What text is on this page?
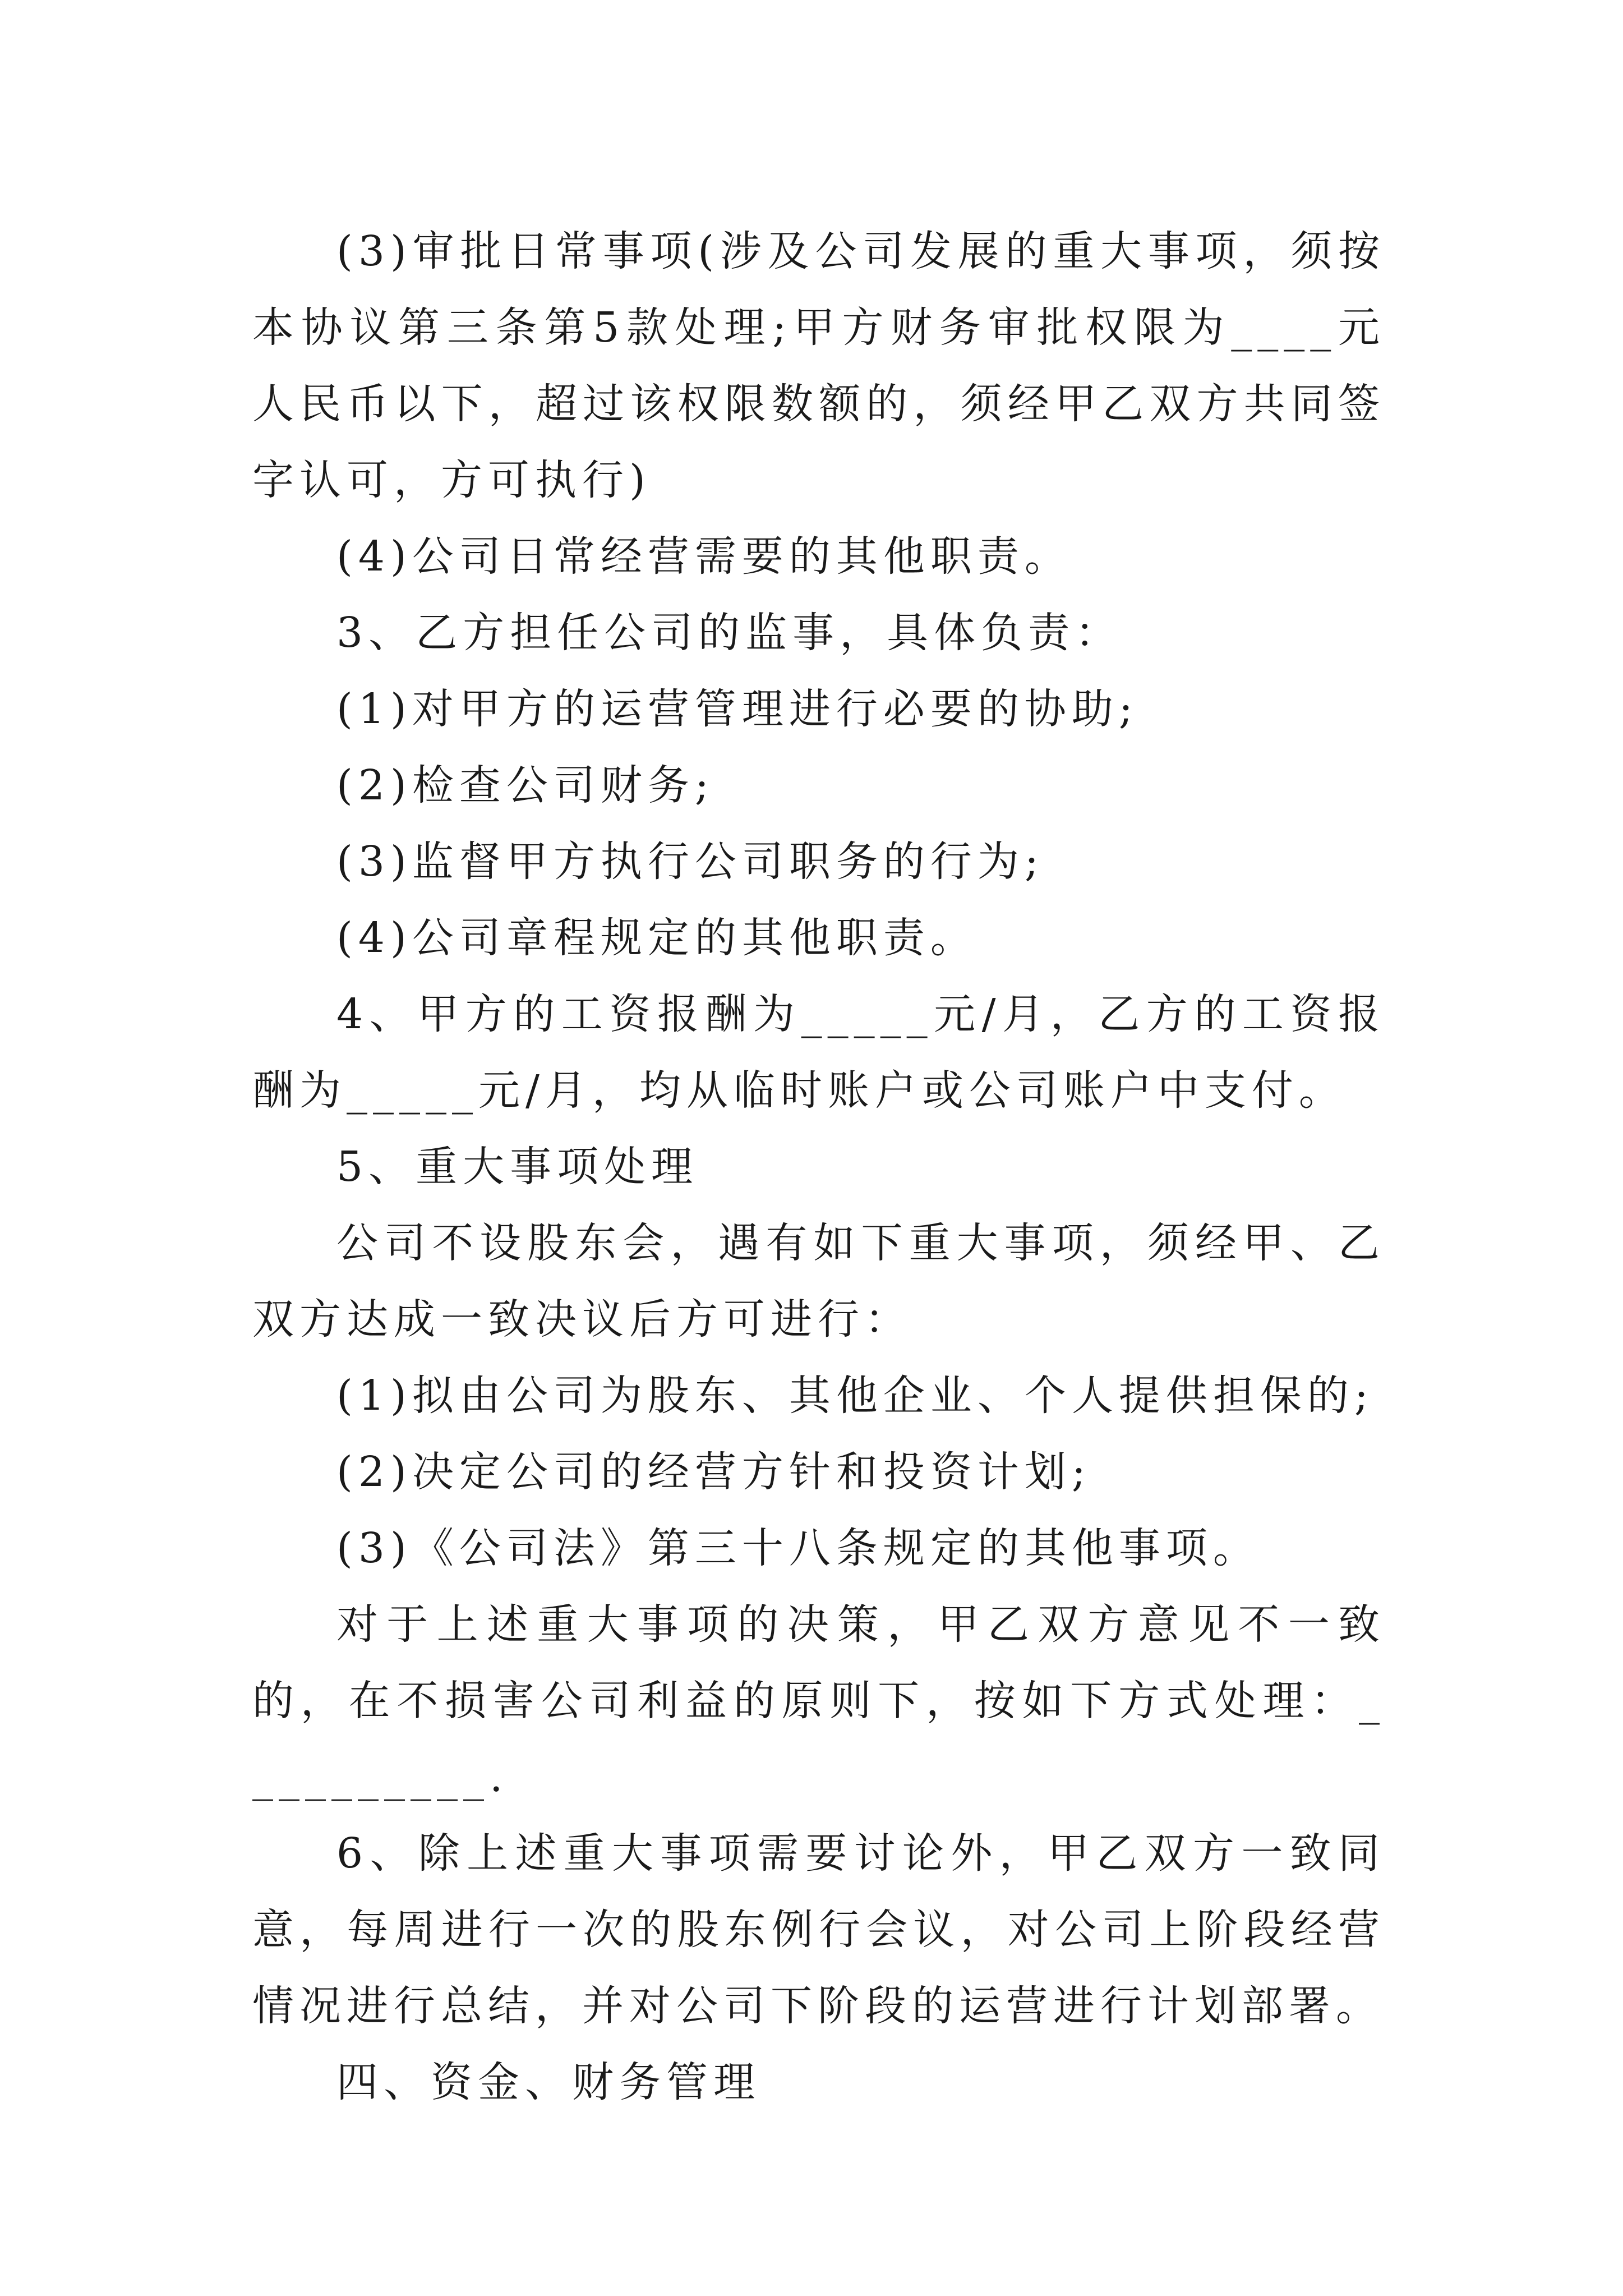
(3)审批日常事项(涉及公司发展的重大事项，须按本协议第三条第5款处理;甲方财务审批权限为____元人民币以下，超过该权限数额的，须经甲乙双方共同签字认可，方可执行)

(4)公司日常经营需要的其他职责。

3、乙方担任公司的监事，具体负责：

(1)对甲方的运营管理进行必要的协助;

(2)检查公司财务;

(3)监督甲方执行公司职务的行为;

(4)公司章程规定的其他职责。

4、甲方的工资报酬为_____元/月，乙方的工资报酬为_____元/月，均从临时账户或公司账户中支付。

5、重大事项处理

公司不设股东会，遇有如下重大事项，须经甲、乙双方达成一致决议后方可进行：

(1)拟由公司为股东、其他企业、个人提供担保的;

(2)决定公司的经营方针和投资计划;

(3)《公司法》第三十八条规定的其他事项。

对于上述重大事项的决策，甲乙双方意见不一致的，在不损害公司利益的原则下，按如下方式处理：__________.

6、除上述重大事项需要讨论外，甲乙双方一致同意，每周进行一次的股东例行会议，对公司上阶段经营情况进行总结，并对公司下阶段的运营进行计划部署。

四、资金、财务管理
